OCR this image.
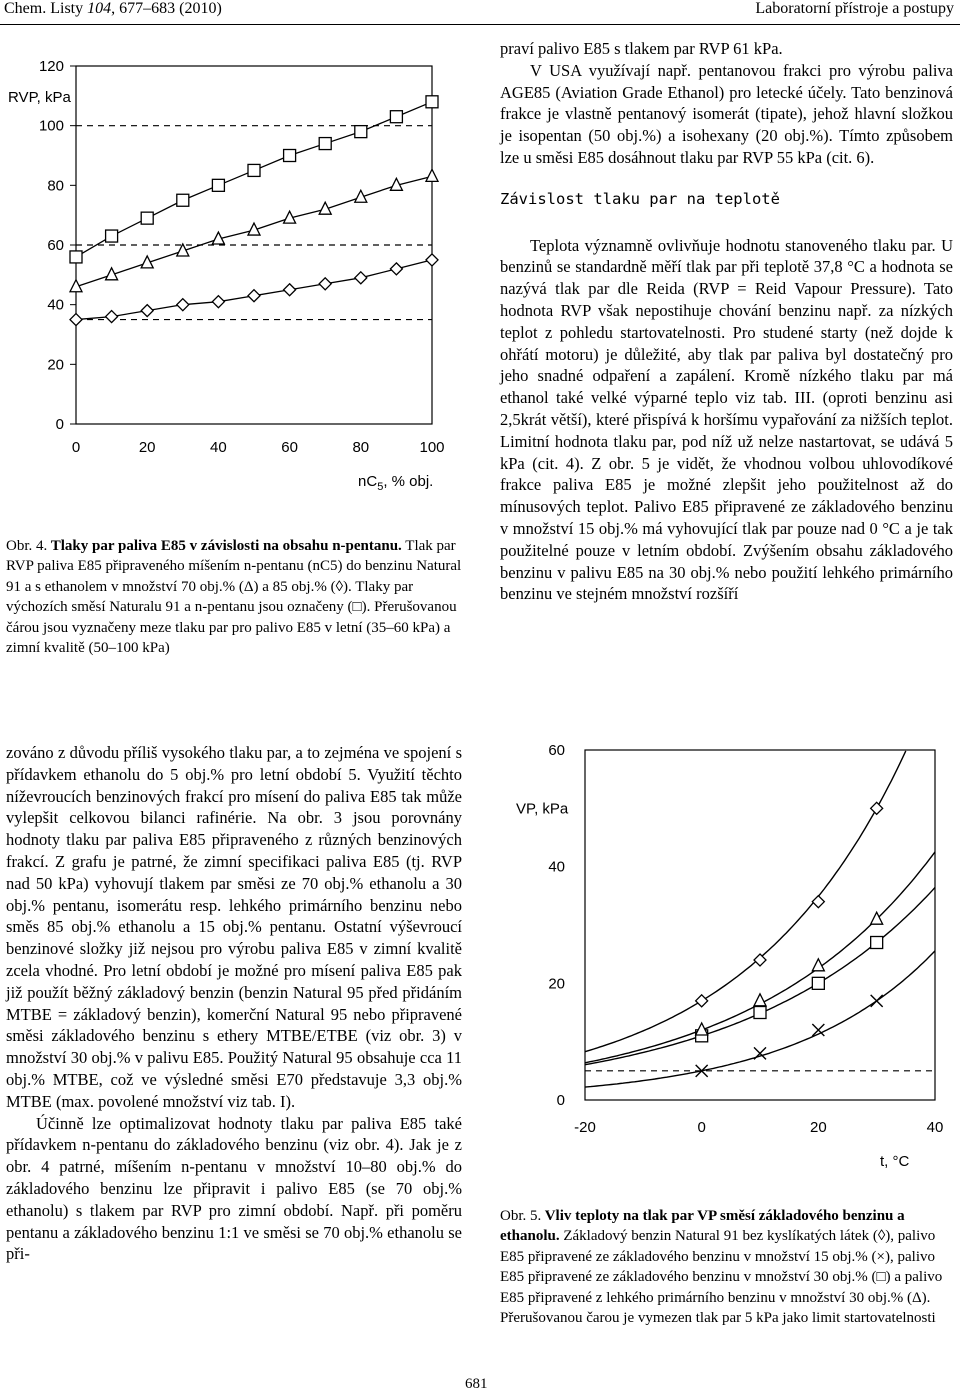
Chem. Listy 104, 677–683 (2010)	Laboratorní přístroje a postupy
0
20
40
60
80
100
120
0	20	40	60	80	100
RVP, kPa
$nC_5$, % obj.
Obr. 4. Tlaky par paliva E85 v závislosti na obsahu n-pentanu. Tlak par RVP paliva E85 připraveného míšením n-pentanu (nC5) do benzinu Natural 91 a s ethanolem v množství 70 obj.% (Δ) a 85 obj.% (◊). Tlaky par výchozích směsí Naturalu 91 a n-pentanu jsou označeny (□). Přerušovanou čárou jsou vyznačeny meze tlaku par pro palivo E85 v letní (35–60 kPa) a zimní kvalitě (50–100 kPa)

praví palivo E85 s tlakem par RVP 61 kPa.

V USA využívají např. pentanovou frakci pro výrobu paliva AGE85 (Aviation Grade Ethanol) pro letecké účely. Tato benzinová frakce je vlastně pentanový isomerát (tipate), jehož hlavní složkou je isopentan (50 obj.%) a isohexany (20 obj.%). Tímto způsobem lze u směsi E85 dosáhnout tlaku par RVP 55 kPa (cit. 6).

Závislost tlaku par na teplotě

Teplota významně ovlivňuje hodnotu stanoveného tlaku par. U benzinů se standardně měří tlak par při teplotě 37,8 °C a hodnota se nazývá tlak par dle Reida (RVP = Reid Vapour Pressure). Tato hodnota RVP však nepostihuje chování benzinu např. za nízkých teplot z pohledu startovatelnosti. Pro studené starty (než dojde k ohřátí motoru) je důležité, aby tlak par paliva byl dostatečný pro jeho snadné odpaření a zapálení. Kromě nízkého tlaku par má ethanol také velké výparné teplo viz tab. III. (oproti benzinu asi 2,5krát větší), které přispívá k horšímu vypařování za nižších teplot. Limitní hodnota tlaku par, pod níž už nelze nastartovat, se udává 5 kPa (cit. 4). Z obr. 5 je vidět, že vhodnou volbou uhlovodíkové frakce paliva E85 je možné zlepšit jeho použitelnost až do mínusových teplot. Palivo E85 připravené ze základového benzinu v množství 15 obj.% má vyhovující tlak par pouze nad 0 °C a je tak použitelné pouze v letním období. Zvýšením obsahu základového benzinu v palivu E85 na 30 obj.% nebo použití lehkého primárního benzinu ve stejném množství rozšíří

zováno z důvodu příliš vysokého tlaku par, a to zejména ve spojení s přídavkem ethanolu do 5 obj.% pro letní období 5. Využití těchto níževroucích benzinových frakcí pro mísení do paliva E85 tak může vylepšit celkovou bilanci rafinérie. Na obr. 3 jsou porovnány hodnoty tlaku par paliva E85 připraveného z různých benzinových frakcí. Z grafu je patrné, že zimní specifikaci paliva E85 (tj. RVP nad 50 kPa) vyhovují tlakem par směsi ze 70 obj.% ethanolu a 30 obj.% pentanu, isomerátu resp. lehkého primárního benzinu nebo směs 85 obj.% ethanolu a 15 obj.% pentanu. Ostatní výševroucí benzinové složky již nejsou pro výrobu paliva E85 v zimní kvalitě zcela vhodné. Pro letní období je možné pro mísení paliva E85 pak již použít běžný základový benzin (benzin Natural 95 před přidáním MTBE = základový benzin), komerční Natural 95 nebo připravené směsi základového benzinu s ethery MTBE/ETBE (viz obr. 3) v množství 30 obj.% v palivu E85. Použitý Natural 95 obsahuje cca 11 obj.% MTBE, což ve výsledné směsi E70 představuje 3,3 obj.% MTBE (max. povolené množství viz tab. I).

Účinně lze optimalizovat hodnoty tlaku par paliva E85 také přídavkem n-pentanu do základového benzinu (viz obr. 4). Jak je z obr. 4 patrné, míšením n-pentanu v množství 10–80 obj.% do základového benzinu lze připravit i palivo E85 (se 70 obj.% ethanolu) s tlakem par RVP pro zimní období. Např. při poměru pentanu a základového benzinu 1:1 ve směsi se 70 obj.% ethanolu se při-

0
20
40
60
-20	0	20	40
VP, kPa
t, °C
Obr. 5. Vliv teploty na tlak par VP směsí základového benzinu a ethanolu. Základový benzin Natural 91 bez kyslíkatých látek (◊), palivo E85 připravené ze základového benzinu v množství 15 obj.% (×), palivo E85 připravené ze základového benzinu v množství 30 obj.% (□) a palivo E85 připravené z lehkého primárního benzinu v množství 30 obj.% (Δ). Přerušovanou čarou je vymezen tlak par 5 kPa jako limit startovatelnosti
681
